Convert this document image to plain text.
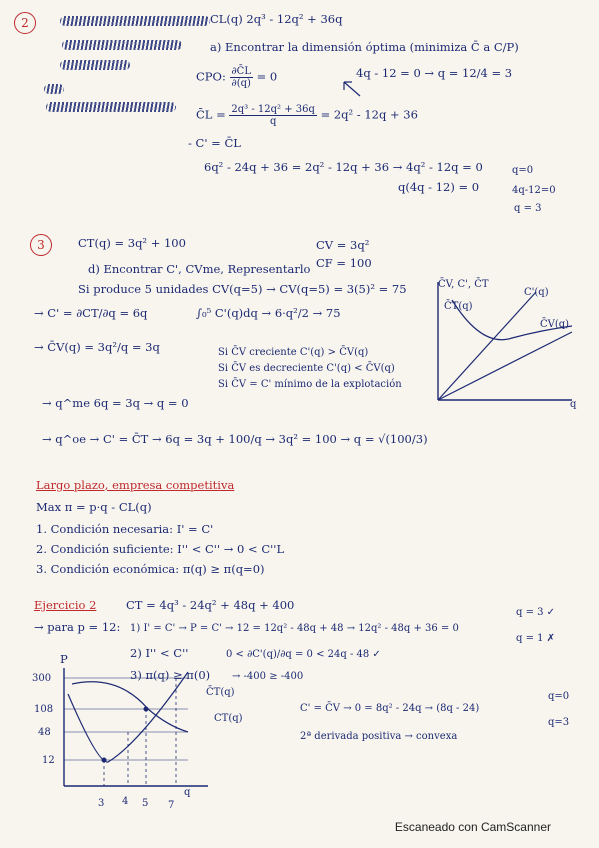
2	CL(q) 2q³ - 12q² + 36q
a) Encontrar la dimensión óptima (minimiza C̄ a C/P)
CPO: $\frac{\partial C̄L}{\partial(q)} = 0$	4q - 12 = 0 → q = 12/4 = 3
C̄L = $\frac{\text{2q³ - 12q² + 36q}}{q} = 2q^2 - 12q + 36$
- C' = C̄L
6q² - 24q + 36 = 2q² - 12q + 36 → 4q² - 12q = 0
q(4q - 12) = 0
q=0
4q-12=0
q = 3
3	CT(q) = 3q² + 100	CV = 3q²
CF = 100
d) Encontrar C', CVme, Representarlo
Si produce 5 unidades CV(q=5) → CV(q=5) = 3(5)² = 75
→ C' = ∂CT/∂q = 6q	∫₀⁵ C'(q)dq → 6·q²/2 → 75
→ C̄V(q) = 3q²/q = 3q	Si C̄V creciente C'(q) > C̄V(q)
Si C̄V es decreciente C'(q) < C̄V(q)
Si C̄V = C' mínimo de la explotación
→ q^me 6q = 3q → q = 0
→ q^oe → C' = C̄T → 6q = 3q + 100/q → 3q² = 100 → q = √(100/3)
C̄V, C', C̄T
C'(q)
C̄T(q)
C̄V(q)
q
Largo plazo, empresa competitiva
Max π = p·q - CL(q)
1. Condición necesaria: I' = C'
2. Condición suficiente: I'' < C'' → 0 < C''L
3. Condición económica: π(q) ≥ π(q=0)
Ejercicio 2	CT = 4q³ - 24q² + 48q + 400
→ para p = 12: 1) I' = C' → P = C' → 12 = 12q² - 48q + 48 → 12q² - 48q + 36 = 0
q = 3 ✓
q = 1 ✗
2) I'' < C''	0 < ∂C'(q)/∂q = 0 < 24q - 48 ✓
3) π(q) ≥ π(0) → -400 ≥ -400
C' = C̄V → 0 = 8q² - 24q → (8q - 24)
q=0
q=3
2ª derivada positiva → convexa
P
300
108
48
12
3 4 5 7
q
C̄T(q)
CT(q)
Escaneado con CamScanner
